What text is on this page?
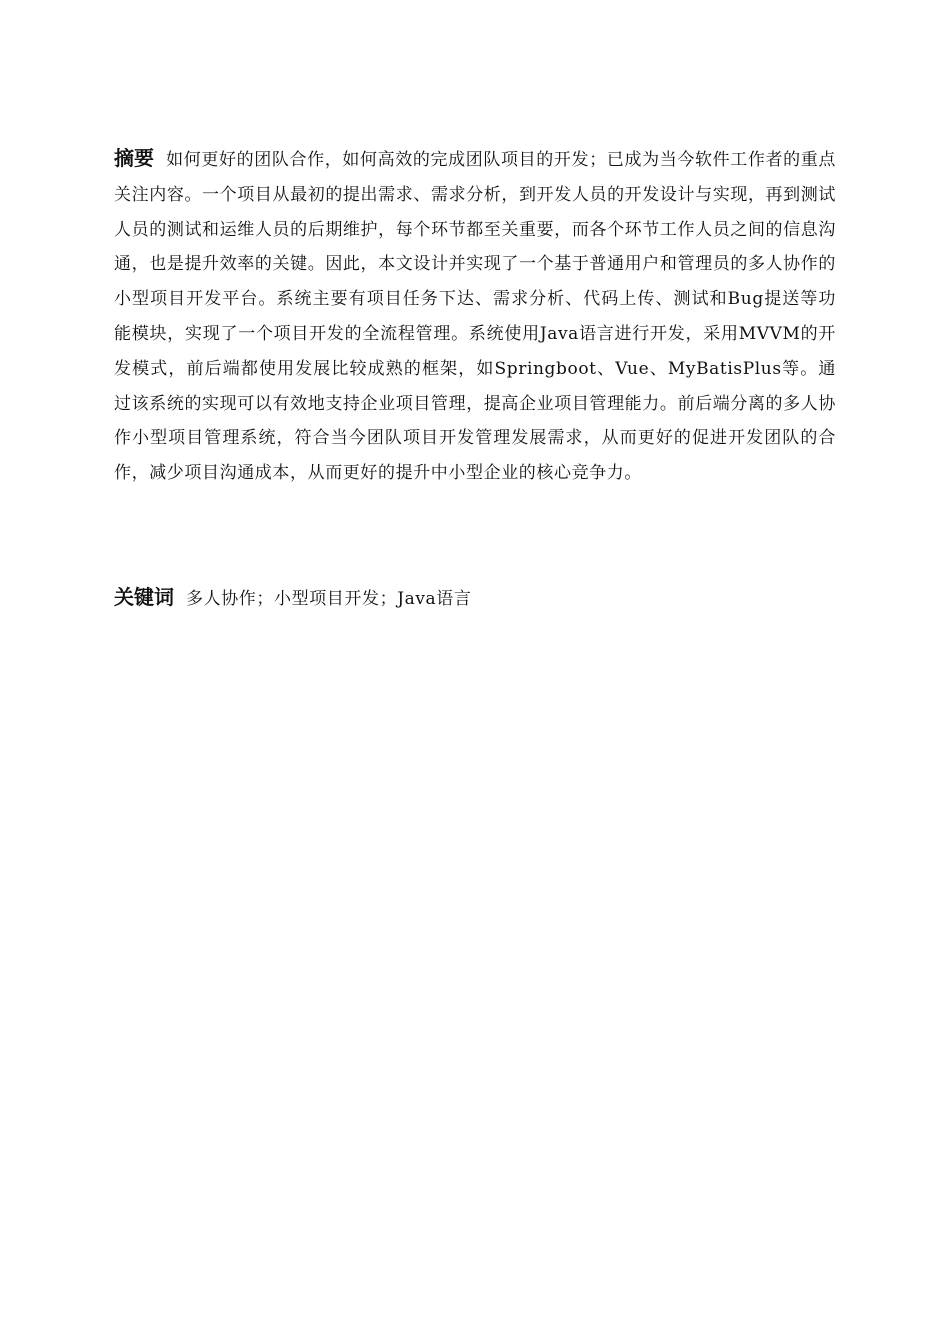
摘要 如何更好的团队合作，如何高效的完成团队项目的开发；已成为当今软件工作者的重点关注内容。一个项目从最初的提出需求、需求分析，到开发人员的开发设计与实现，再到测试人员的测试和运维人员的后期维护，每个环节都至关重要，而各个环节工作人员之间的信息沟通，也是提升效率的关键。因此，本文设计并实现了一个基于普通用户和管理员的多人协作的小型项目开发平台。系统主要有项目任务下达、需求分析、代码上传、测试和Bug提送等功能模块，实现了一个项目开发的全流程管理。系统使用Java语言进行开发，采用MVVM的开发模式，前后端都使用发展比较成熟的框架，如Springboot、Vue、MyBatisPlus等。通过该系统的实现可以有效地支持企业项目管理，提高企业项目管理能力。前后端分离的多人协作小型项目管理系统，符合当今团队项目开发管理发展需求，从而更好的促进开发团队的合作，减少项目沟通成本，从而更好的提升中小型企业的核心竞争力。

关键词 多人协作；小型项目开发；Java语言
